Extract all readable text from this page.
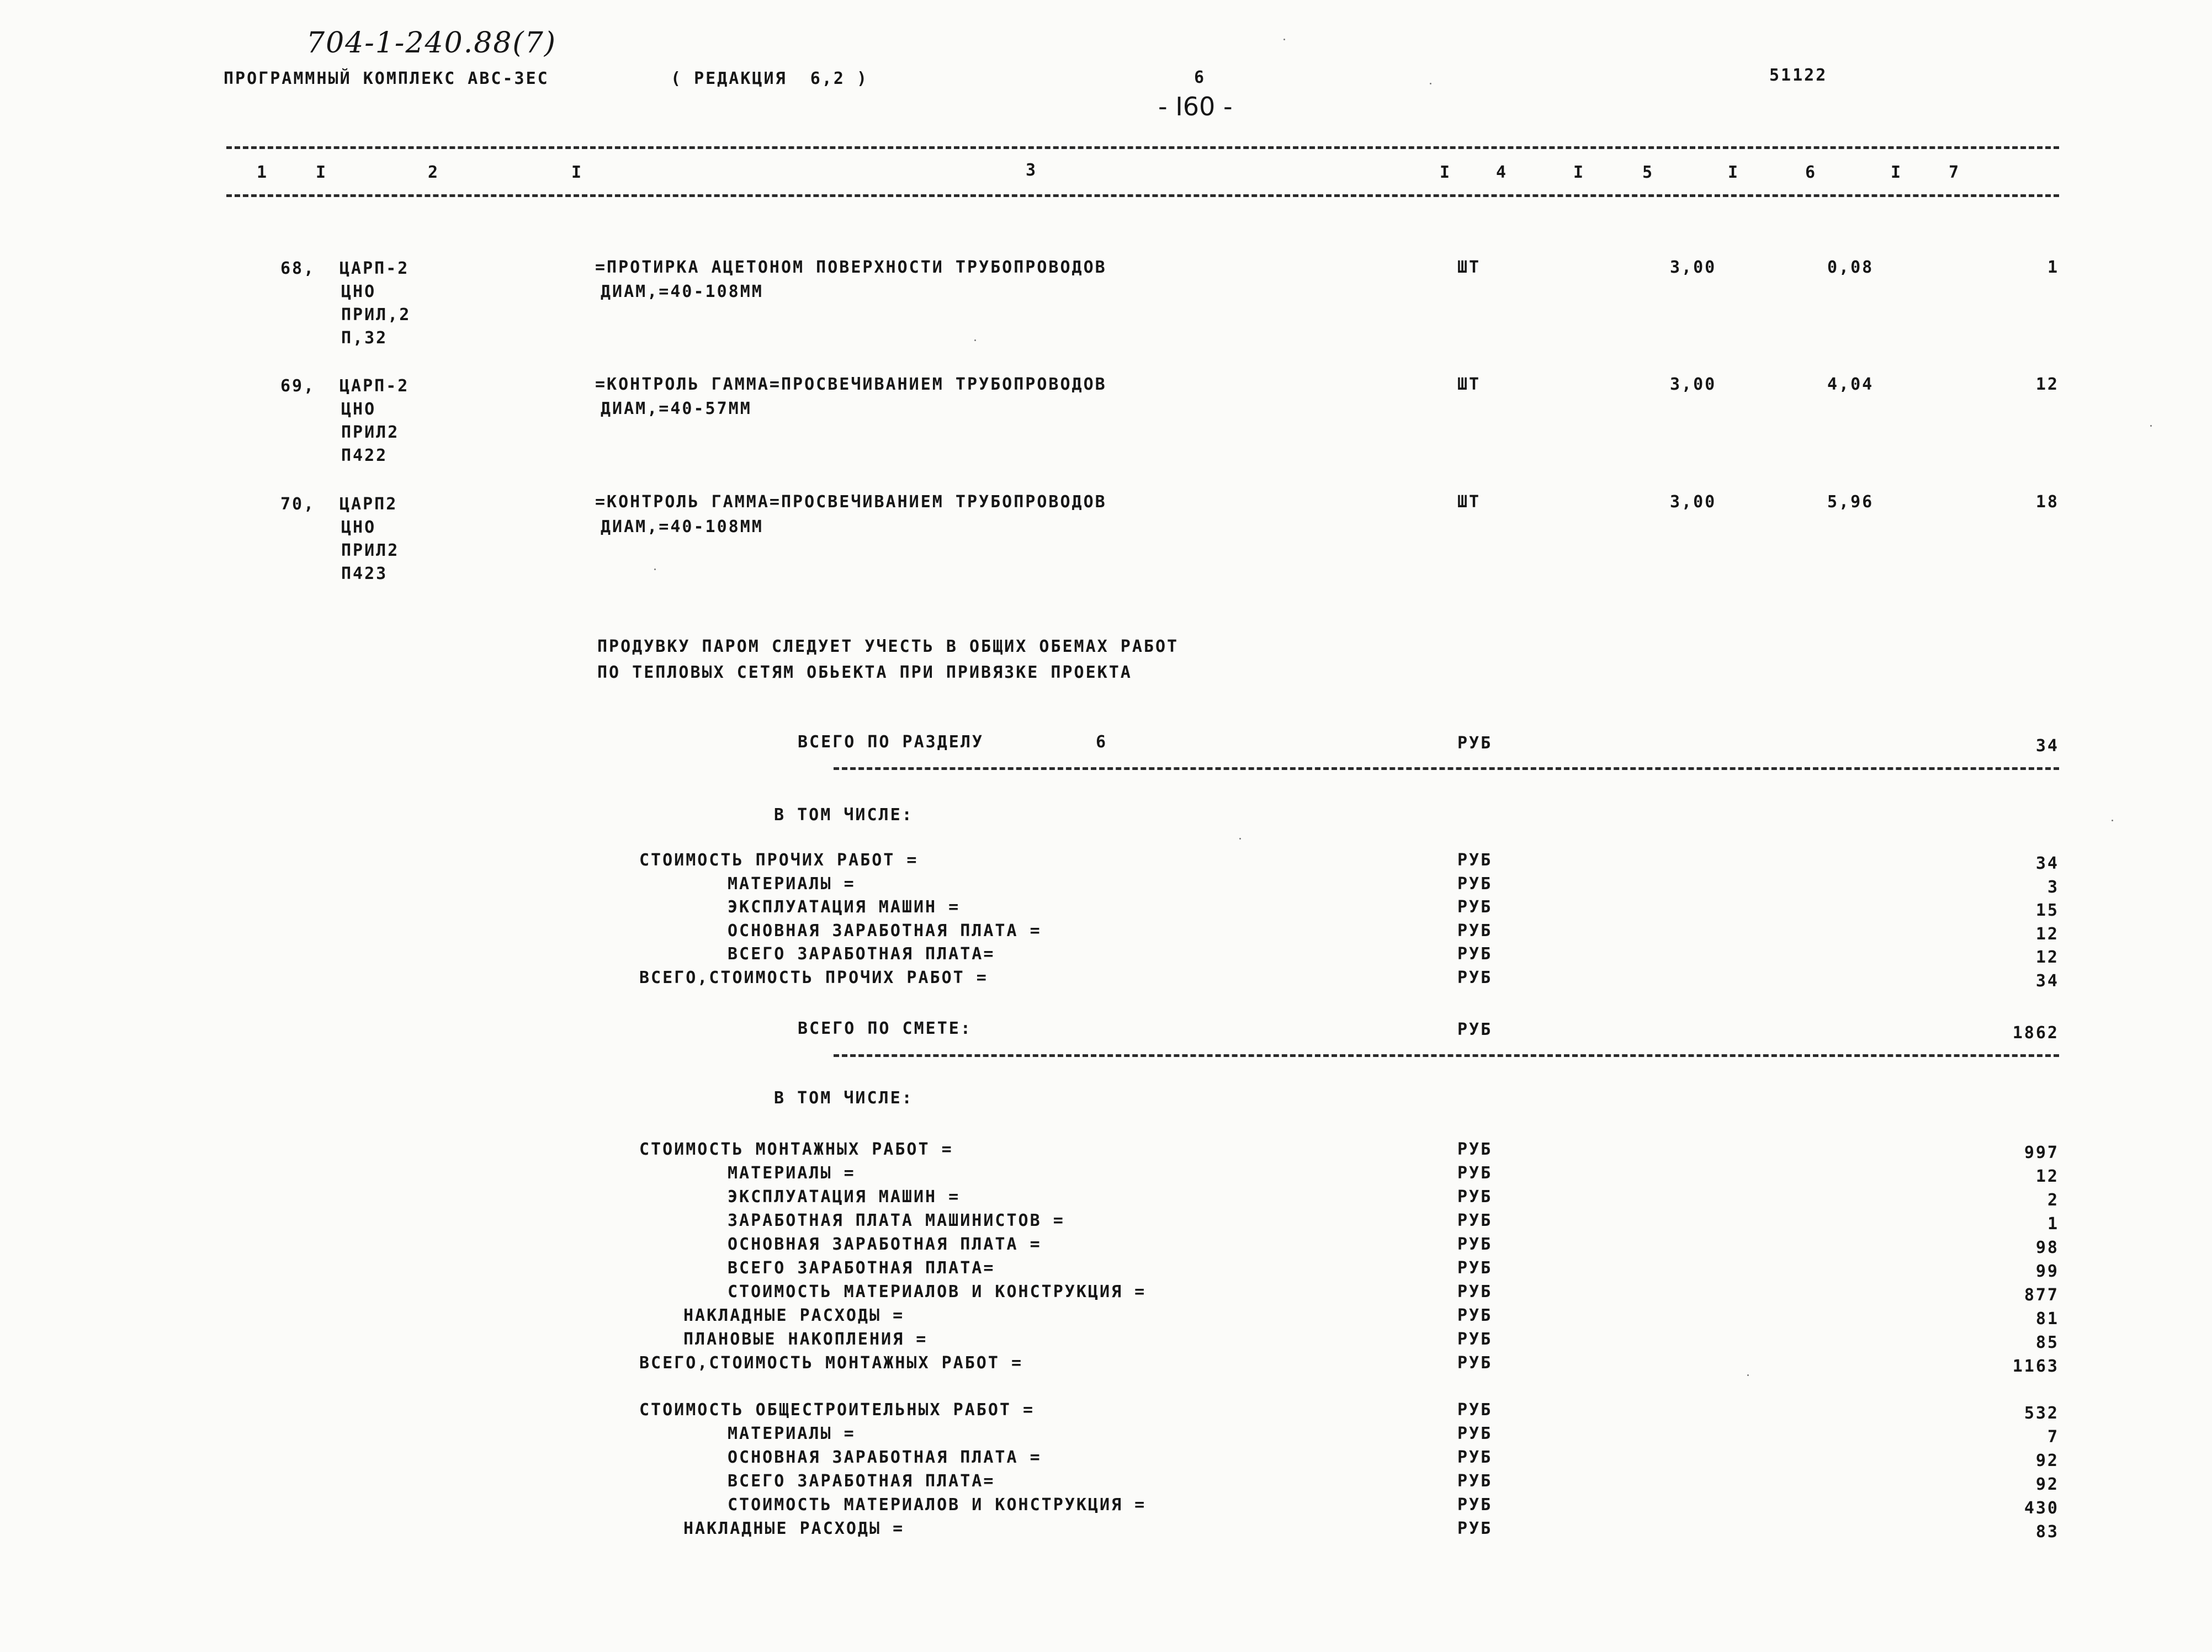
704-1-240.88(7)
ПРОГРАММНЫЙ КОМПЛЕКС АВС-3ЕС	( РЕДАКЦИЯ  6,2 )	6	51122
- I60 -
1	I	2	I	3	I	4	I	5	I	6	I	7
68, ЦАРП-2
ЦНО
ПРИЛ,2
П,32
=ПРОТИРКА АЦЕТОНОМ ПОВЕРХНОСТИ ТРУБОПРОВОДОВ
ДИАМ,=40-108ММ
ШТ	3,00	0,08	1
69, ЦАРП-2
ЦНО
ПРИЛ2
П422
=КОНТРОЛЬ ГАММА=ПРОСВЕЧИВАНИЕМ ТРУБОПРОВОДОВ
ДИАМ,=40-57ММ
ШТ	3,00	4,04	12
70, ЦАРП2
ЦНО
ПРИЛ2
П423
=КОНТРОЛЬ ГАММА=ПРОСВЕЧИВАНИЕМ ТРУБОПРОВОДОВ
ДИАМ,=40-108ММ
ШТ	3,00	5,96	18
ПРОДУВКУ ПАРОМ СЛЕДУЕТ УЧЕСТЬ В ОБЩИХ ОБЕМАХ РАБОТ
ПО ТЕПЛОВЫХ СЕТЯМ ОБЬЕКТА ПРИ ПРИВЯЗКЕ ПРОЕКТА
ВСЕГО ПО РАЗДЕЛУ	6	РУБ	34
В ТОМ ЧИСЛЕ:
СТОИМОСТЬ ПРОЧИХ РАБОТ =	РУБ	34
МАТЕРИАЛЫ =	РУБ	3
ЭКСПЛУАТАЦИЯ МАШИН =	РУБ	15
ОСНОВНАЯ ЗАРАБОТНАЯ ПЛАТА =	РУБ	12
ВСЕГО ЗАРАБОТНАЯ ПЛАТА=	РУБ	12
ВСЕГО,СТОИМОСТЬ ПРОЧИХ РАБОТ =	РУБ	34
ВСЕГО ПО СМЕТЕ:	РУБ	1862
В ТОМ ЧИСЛЕ:
СТОИМОСТЬ МОНТАЖНЫХ РАБОТ =	РУБ	997
МАТЕРИАЛЫ =	РУБ	12
ЭКСПЛУАТАЦИЯ МАШИН =	РУБ	2
ЗАРАБОТНАЯ ПЛАТА МАШИНИСТОВ =	РУБ	1
ОСНОВНАЯ ЗАРАБОТНАЯ ПЛАТА =	РУБ	98
ВСЕГО ЗАРАБОТНАЯ ПЛАТА=	РУБ	99
СТОИМОСТЬ МАТЕРИАЛОВ И КОНСТРУКЦИЯ =	РУБ	877
НАКЛАДНЫЕ РАСХОДЫ =	РУБ	81
ПЛАНОВЫЕ НАКОПЛЕНИЯ =	РУБ	85
ВСЕГО,СТОИМОСТЬ МОНТАЖНЫХ РАБОТ =	РУБ	1163
СТОИМОСТЬ ОБЩЕСТРОИТЕЛЬНЫХ РАБОТ =	РУБ	532
МАТЕРИАЛЫ =	РУБ	7
ОСНОВНАЯ ЗАРАБОТНАЯ ПЛАТА =	РУБ	92
ВСЕГО ЗАРАБОТНАЯ ПЛАТА=	РУБ	92
СТОИМОСТЬ МАТЕРИАЛОВ И КОНСТРУКЦИЯ =	РУБ	430
НАКЛАДНЫЕ РАСХОДЫ =	РУБ	83
